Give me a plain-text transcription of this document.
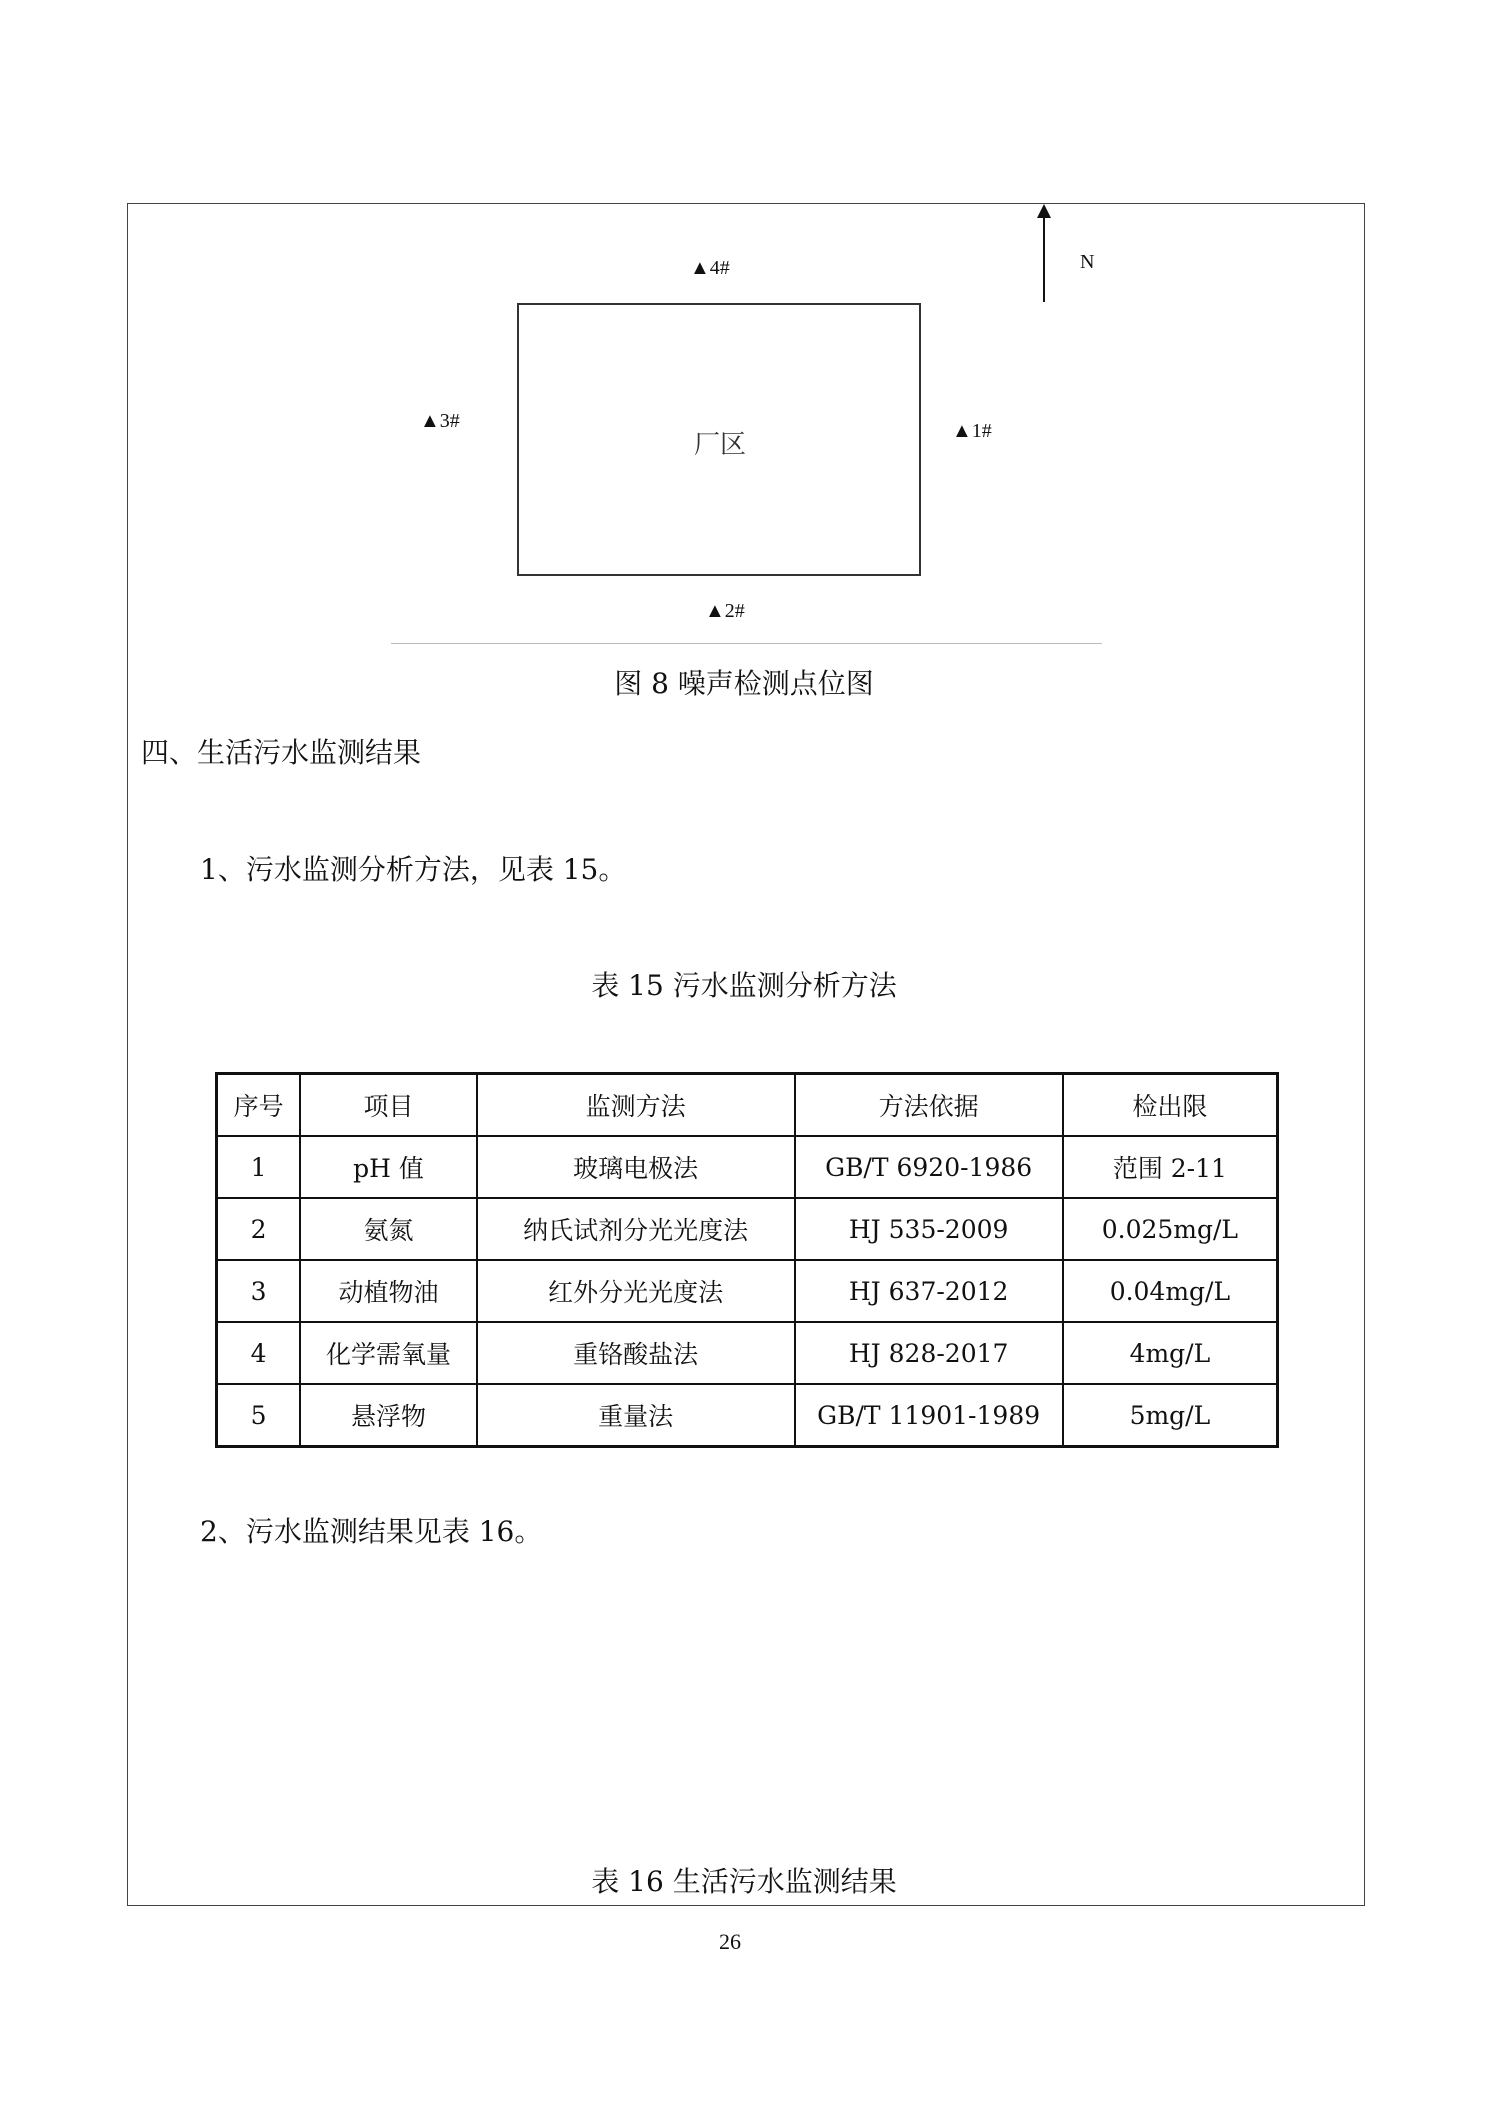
N
▲4#
▲3#	▲1#
▲2#
厂区
图 8 噪声检测点位图
四、生活污水监测结果
1、污水监测分析方法，见表 15。
表 15 污水监测分析方法
序号	项目	监测方法	方法依据	检出限
1	pH 值	玻璃电极法	GB/T 6920-1986	范围 2-11
2	氨氮	纳氏试剂分光光度法	HJ 535-2009	0.025mg/L
3	动植物油	红外分光光度法	HJ 637-2012	0.04mg/L
4	化学需氧量	重铬酸盐法	HJ 828-2017	4mg/L
5	悬浮物	重量法	GB/T 11901-1989	5mg/L
2、污水监测结果见表 16。
表 16 生活污水监测结果
26
